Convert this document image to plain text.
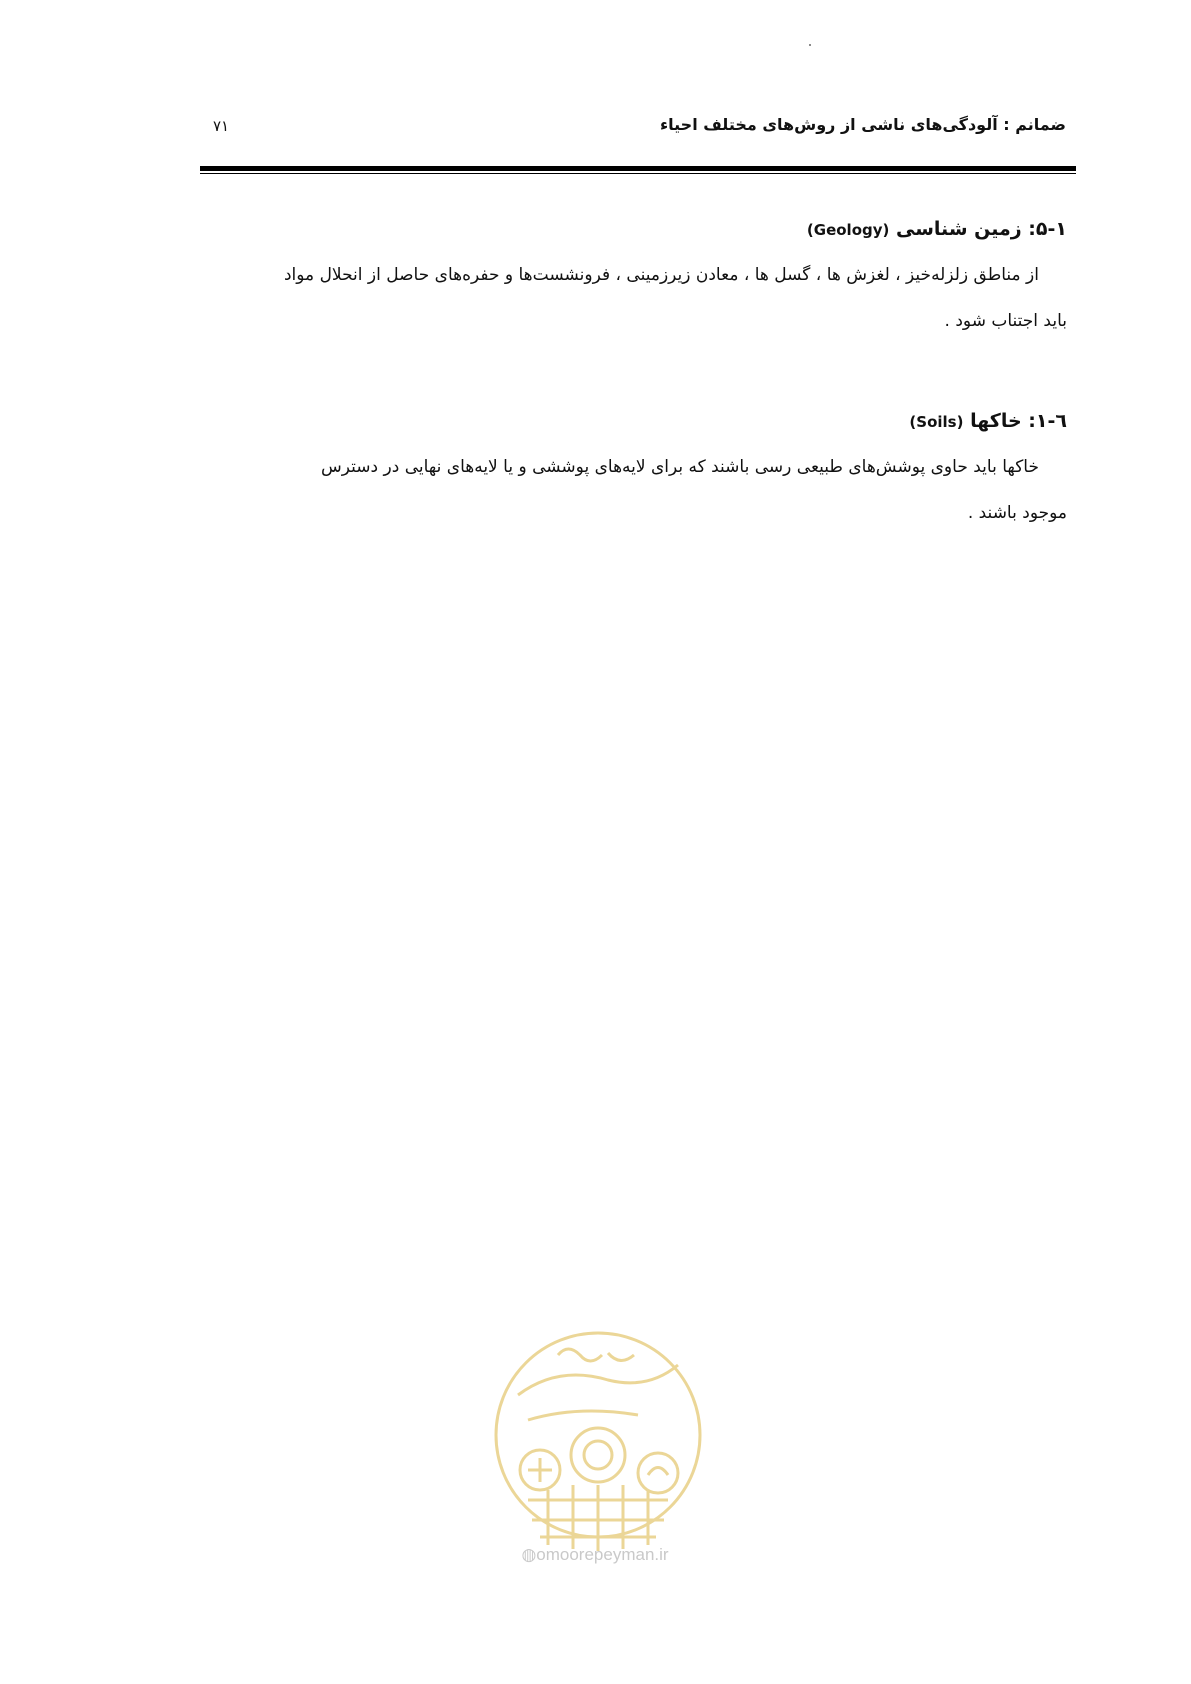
ضمانم : آلودگی‌های ناشی از روش‌های مختلف احیاء
۷۱
۵-۱: زمین شناسی (Geology)
از مناطق زلزله‌خیز ، لغزش ها ، گسل ها ، معادن زیرزمینی ، فرونشست‌ها و حفره‌های حاصل از انحلال مواد
باید اجتناب شود .
٦-١: خاکها (Soils)
خاکها باید حاوی پوشش‌های طبیعی رسی باشند که برای لایه‌های پوششی و یا لایه‌های نهایی در دسترس
موجود باشند .
◍omoorepeyman.ir
